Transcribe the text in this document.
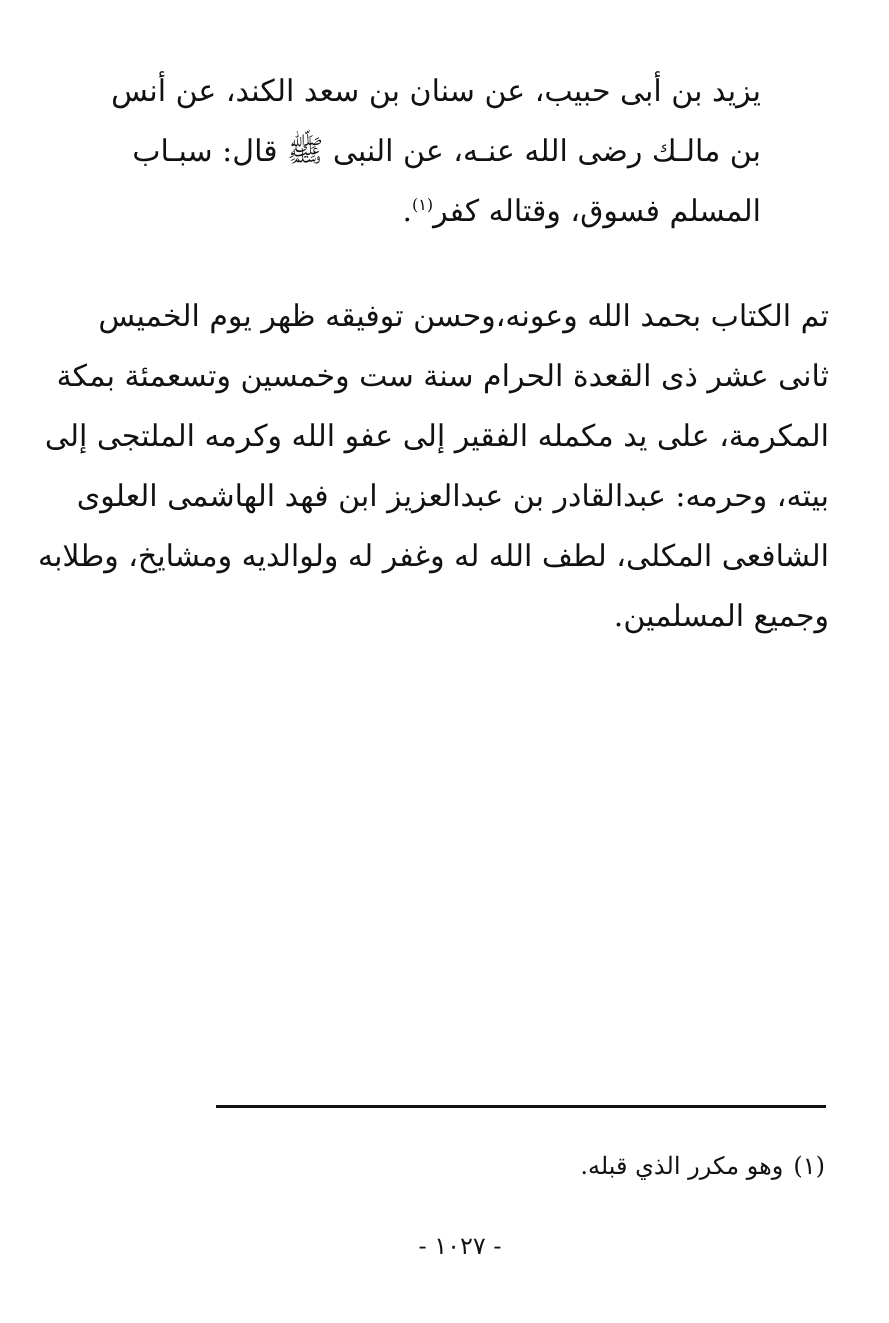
يزيد بن أبى حبيب، عن سنان بن سعد الكند، عن أنس
بن مالـك رضى الله عنـه، عن النبى ﷺ قال: سبـاب
المسلم فسوق، وقتاله كفر$^{(١)}$.
تم الكتاب بحمد الله وعونه،وحسن توفيقه ظهر يوم الخميس
ثانى عشر ذى القعدة الحرام سنة ست وخمسين وتسعمئة بمكة
المكرمة، على يد مكمله الفقير إلى عفو الله وكرمه الملتجى إلى
بيته، وحرمه: عبدالقادر بن عبدالعزيز ابن فهد الهاشمى العلوى
الشافعى المكلى، لطف الله له وغفر له ولوالديه ومشايخ، وطلابه
وجميع المسلمين.
(١)وهو مكرر الذي قبله.
- ١٠٢٧ -
